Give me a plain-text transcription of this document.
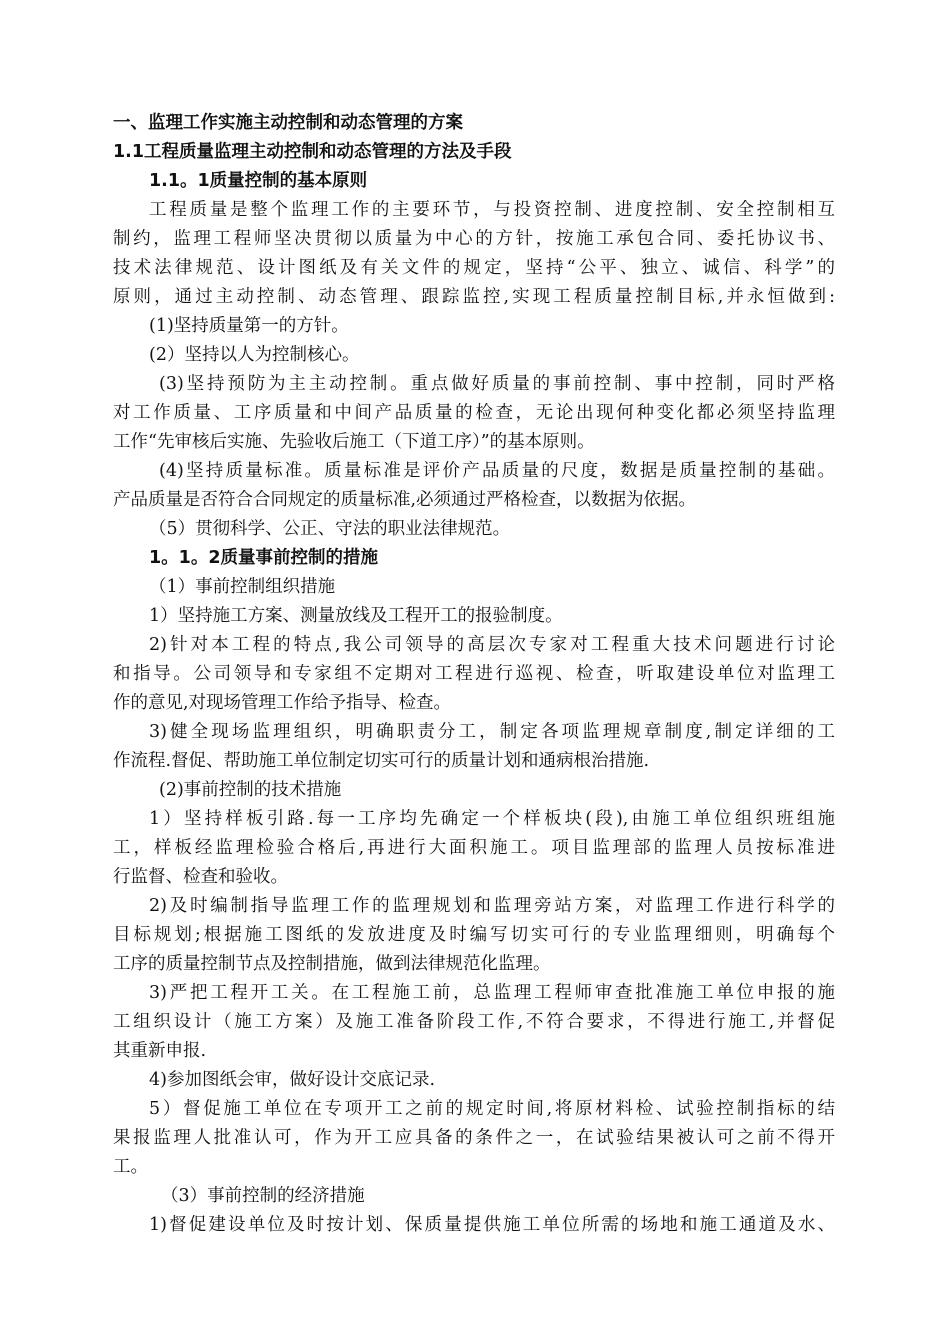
一、监理工作实施主动控制和动态管理的方案

1.1工程质量监理主动控制和动态管理的方法及手段

1.1。1质量控制的基本原则

工程质量是整个监理工作的主要环节，与投资控制、进度控制、安全控制相互

制约，监理工程师坚决贯彻以质量为中心的方针，按施工承包合同、委托协议书、

技术法律规范、设计图纸及有关文件的规定，坚持“公平、独立、诚信、科学”的

原则，通过主动控制、动态管理、跟踪监控,实现工程质量控制目标,并永恒做到:

(1)坚持质量第一的方针。

(2）坚持以人为控制核心。

(3)坚持预防为主主动控制。重点做好质量的事前控制、事中控制，同时严格

对工作质量、工序质量和中间产品质量的检查，无论出现何种变化都必须坚持监理

工作“先审核后实施、先验收后施工（下道工序）”的基本原则。

(4)坚持质量标准。质量标准是评价产品质量的尺度，数据是质量控制的基础。

产品质量是否符合合同规定的质量标准,必须通过严格检查，以数据为依据。

（5）贯彻科学、公正、守法的职业法律规范。

1。1。2质量事前控制的措施

（1）事前控制组织措施

1）坚持施工方案、测量放线及工程开工的报验制度。

2)针对本工程的特点,我公司领导的高层次专家对工程重大技术问题进行讨论

和指导。公司领导和专家组不定期对工程进行巡视、检查，听取建设单位对监理工

作的意见,对现场管理工作给予指导、检查。

3)健全现场监理组织，明确职责分工，制定各项监理规章制度,制定详细的工

作流程.督促、帮助施工单位制定切实可行的质量计划和通病根治措施.

(2)事前控制的技术措施

1）坚持样板引路.每一工序均先确定一个样板块(段),由施工单位组织班组施

工，样板经监理检验合格后,再进行大面积施工。项目监理部的监理人员按标准进

行监督、检查和验收。

2)及时编制指导监理工作的监理规划和监理旁站方案，对监理工作进行科学的

目标规划;根据施工图纸的发放进度及时编写切实可行的专业监理细则，明确每个

工序的质量控制节点及控制措施，做到法律规范化监理。

3)严把工程开工关。在工程施工前，总监理工程师审查批准施工单位申报的施

工组织设计（施工方案）及施工准备阶段工作,不符合要求，不得进行施工,并督促

其重新申报.

4)参加图纸会审，做好设计交底记录.

5）督促施工单位在专项开工之前的规定时间,将原材料检、试验控制指标的结

果报监理人批准认可，作为开工应具备的条件之一，在试验结果被认可之前不得开

工。

（3）事前控制的经济措施

1)督促建设单位及时按计划、保质量提供施工单位所需的场地和施工通道及水、
